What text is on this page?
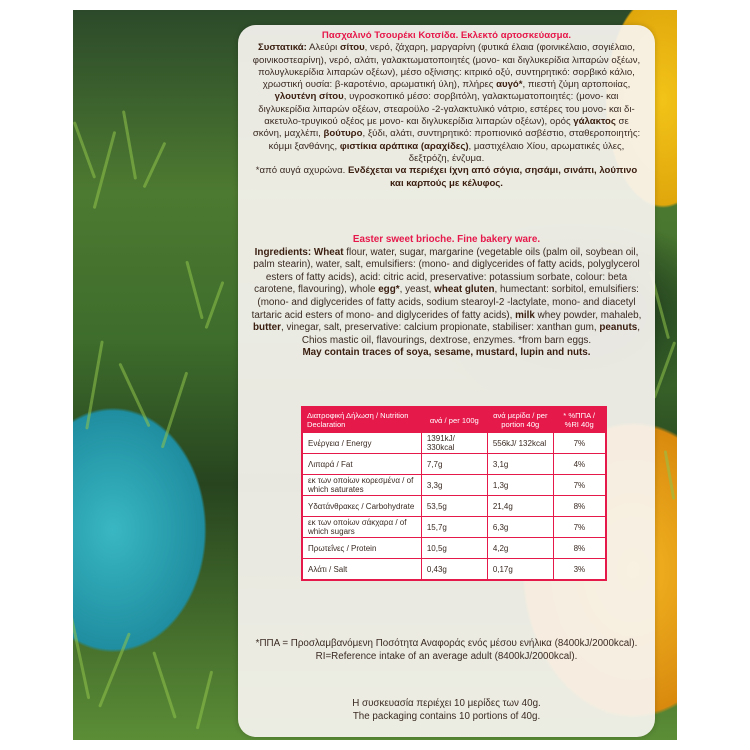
Πασχαλινό Τσουρέκι Κοτσίδα. Εκλεκτό αρτοσκεύασμα.
Συστατικά: Αλεύρι σίτου, νερό, ζάχαρη, μαργαρίνη (φυτικά έλαια (φοινικέλαιο, σογιέλαιο, φοινικοστεαρίνη), νερό, αλάτι, γαλακτωματοποιητές (μονο- και διγλυκερίδια λιπαρών οξέων, πολυγλυκερίδια λιπαρών οξέων), μέσο οξίνισης: κιτρικό οξύ, συντηρητικό: σορβικό κάλιο, χρωστική ουσία: β-καροτένιο, αρωματική ύλη), πλήρες αυγό*, πιεστή ζύμη αρτοποιίας, γλουτένη σίτου, υγροσκοπικό μέσο: σορβιτόλη, γαλακτωματοποιητές: (μονο- και διγλυκερίδια λιπαρών οξέων, στεαροϋλο -2-γαλακτυλικό νάτριο, εστέρες του μονο- και δι-ακετυλο-τρυγικού οξέος με μονο- και διγλυκερίδια λιπαρών οξέων), ορός γάλακτος σε σκόνη, μαχλέπι, βούτυρο, ξύδι, αλάτι, συντηρητικό: προπιονικό ασβέστιο, σταθεροποιητής: κόμμι ξανθάνης, φιστίκια αράπικα (αραχίδες), μαστιχέλαιο Χίου, αρωματικές ύλες, δεξτρόζη, ένζυμα.
*από αυγά αχυρώνα. Ενδέχεται να περιέχει ίχνη από σόγια, σησάμι, σινάπι, λούπινο και καρπούς με κέλυφος.
Easter sweet brioche. Fine bakery ware.
Ingredients: Wheat flour, water, sugar, margarine (vegetable oils (palm oil, soybean oil, palm stearin), water, salt, emulsifiers: (mono- and diglycerides of fatty acids, polyglycerol esters of fatty acids), acid: citric acid, preservative: potassium sorbate, colour: beta carotene, flavouring), whole egg*, yeast, wheat gluten, humectant: sorbitol, emulsifiers: (mono- and diglycerides of fatty acids, sodium stearoyl-2 -lactylate, mono- and diacetyl tartaric acid esters of mono- and diglycerides of fatty acids), milk whey powder, mahaleb, butter, vinegar, salt, preservative: calcium propionate, stabiliser: xanthan gum, peanuts, Chios mastic oil, flavourings, dextrose, enzymes. *from barn eggs.
May contain traces of soya, sesame, mustard, lupin and nuts.
Διατροφική Δήλωση / Nutrition Declaration	ανά / per 100g	ανά μερίδα / per portion 40g	* %ΠΠΑ / %RI 40g
Ενέργεια / Energy	1391kJ/ 330kcal	556kJ/ 132kcal	7%
Λιπαρά / Fat	7,7g	3,1g	4%
εκ των οποίων κορεσμένα / of which saturates	3,3g	1,3g	7%
Υδατάνθρακες / Carbohydrate	53,5g	21,4g	8%
εκ των οποίων σάκχαρα / of which sugars	15,7g	6,3g	7%
Πρωτεΐνες / Protein	10,5g	4,2g	8%
Αλάτι / Salt	0,43g	0,17g	3%
*ΠΠΑ = Προσλαμβανόμενη Ποσότητα Αναφοράς ενός μέσου ενήλικα (8400kJ/2000kcal).
RI=Reference intake of an average adult (8400kJ/2000kcal).
Η συσκευασία περιέχει 10 μερίδες των 40g.
The packaging contains 10 portions of 40g.
